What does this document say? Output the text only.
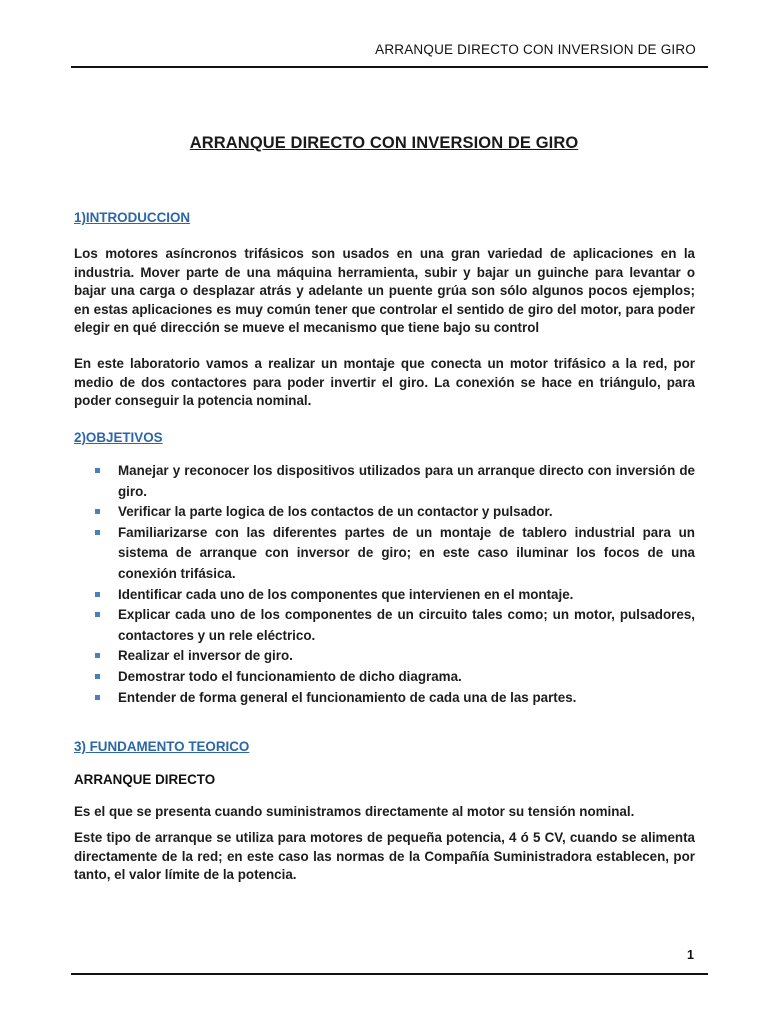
ARRANQUE DIRECTO CON INVERSION DE GIRO
ARRANQUE DIRECTO CON INVERSION DE GIRO

1)INTRODUCCION

Los motores asíncronos trifásicos son usados en una gran variedad de aplicaciones en la industria. Mover parte de una máquina herramienta, subir y bajar un guinche para levantar o bajar una carga o desplazar atrás y adelante un puente grúa son sólo algunos pocos ejemplos; en estas aplicaciones es muy común tener que controlar el sentido de giro del motor, para poder elegir en qué dirección se mueve el mecanismo que tiene bajo su control

En este laboratorio vamos a realizar un montaje que conecta un motor trifásico a la red, por medio de dos contactores para poder invertir el giro. La conexión se hace en triángulo, para poder conseguir la potencia nominal.

2)OBJETIVOS

Manejar y reconocer los dispositivos utilizados para un arranque directo con inversión de giro.
Verificar la parte logica de los contactos de un contactor y pulsador.
Familiarizarse con las diferentes partes de un montaje de tablero industrial para un sistema de arranque con inversor de giro; en este caso iluminar los focos de una conexión trifásica.
Identificar cada uno de los componentes que intervienen en el montaje.
Explicar cada uno de los componentes de un circuito tales como; un motor, pulsadores, contactores y un rele eléctrico.
Realizar el inversor de giro.
Demostrar todo el funcionamiento de dicho diagrama.
Entender de forma general el funcionamiento de cada una de las partes.

3) FUNDAMENTO TEORICO

ARRANQUE DIRECTO

Es el que se presenta cuando suministramos directamente al motor su tensión nominal.

Este tipo de arranque se utiliza para motores de pequeña potencia, 4 ó 5 CV, cuando se alimenta directamente de la red; en este caso las normas de la Compañía Suministradora establecen, por tanto, el valor límite de la potencia.

1
